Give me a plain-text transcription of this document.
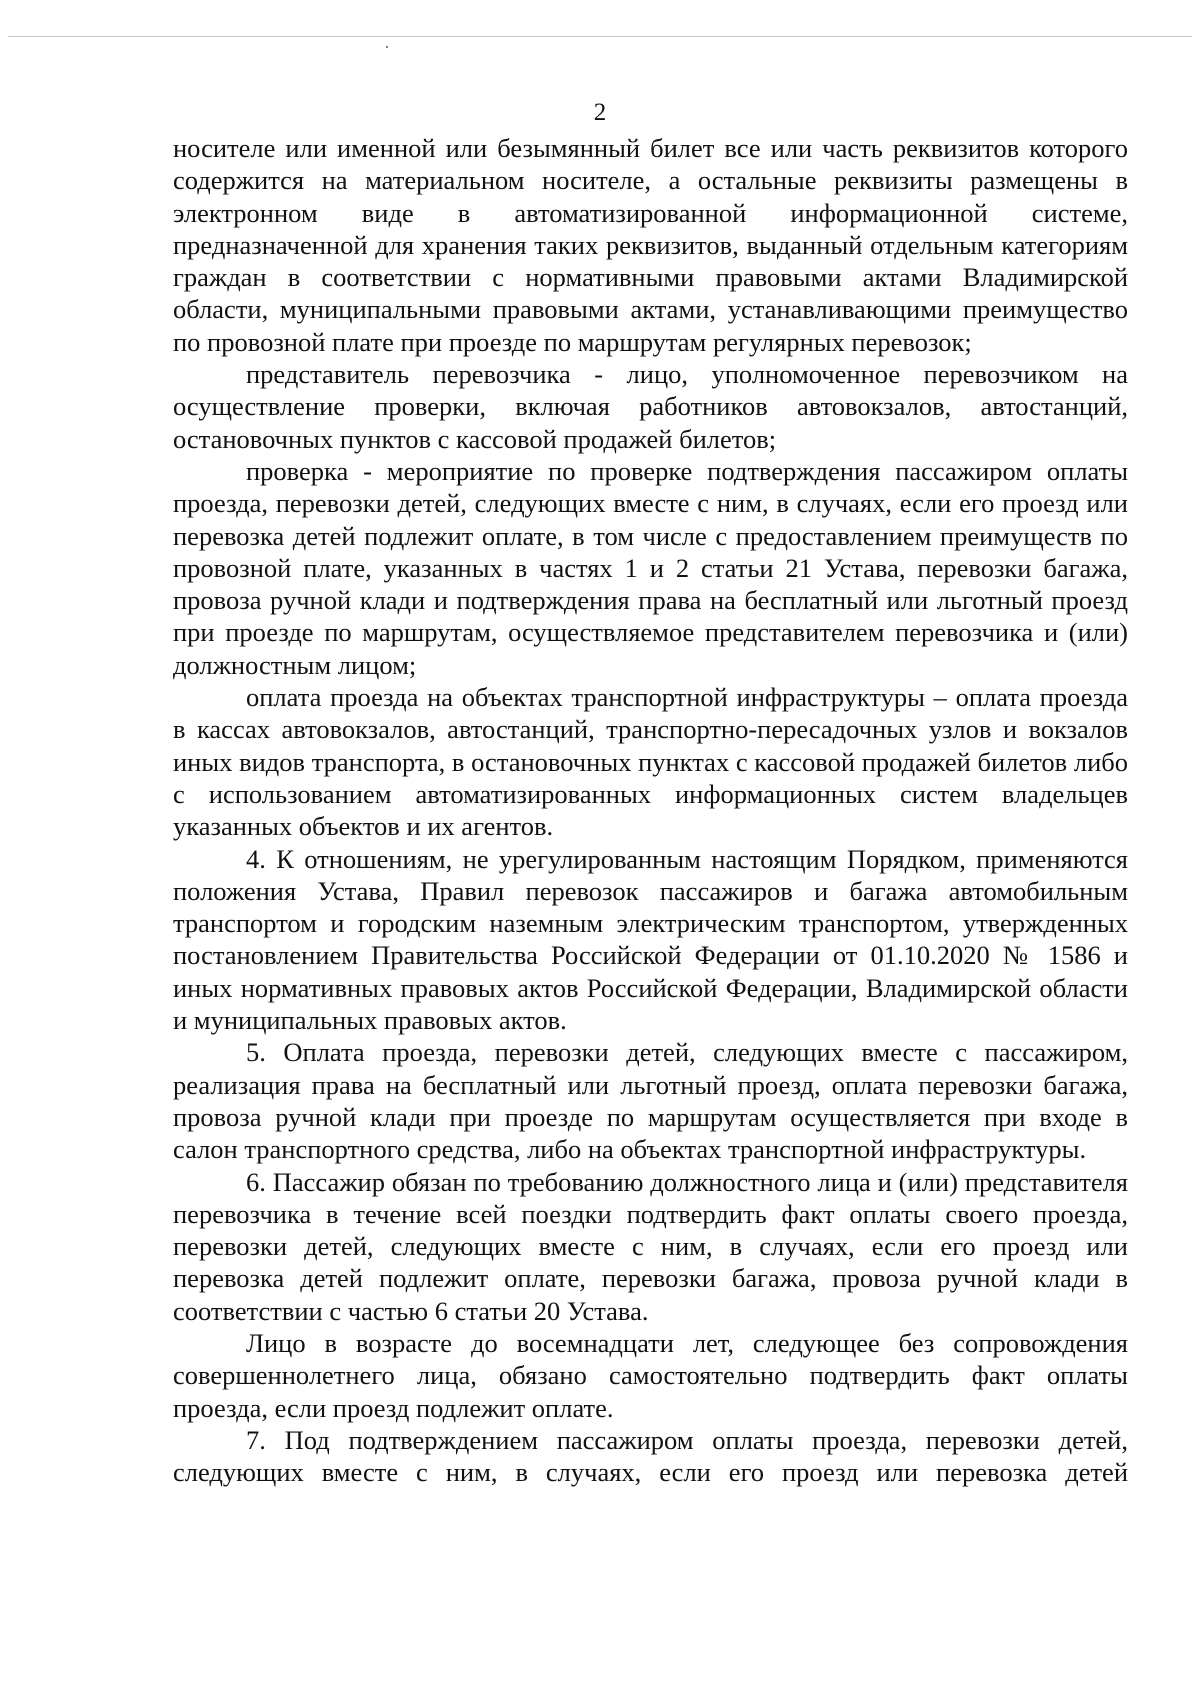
2

носителе или именной или безымянный билет все или часть реквизитов которого содержится на материальном носителе, а остальные реквизиты размещены в электронном виде в автоматизированной информационной системе, предназначенной для хранения таких реквизитов, выданный отдельным категориям граждан в соответствии с нормативными правовыми актами Владимирской области, муниципальными правовыми актами, устанавливающими преимущество по провозной плате при проезде по маршрутам регулярных перевозок;

представитель перевозчика - лицо, уполномоченное перевозчиком на осуществление проверки, включая работников автовокзалов, автостанций, остановочных пунктов с кассовой продажей билетов;

проверка - мероприятие по проверке подтверждения пассажиром оплаты проезда, перевозки детей, следующих вместе с ним, в случаях, если его проезд или перевозка детей подлежит оплате, в том числе с предоставлением преимуществ по провозной плате, указанных в частях 1 и 2 статьи 21 Устава, перевозки багажа, провоза ручной клади и подтверждения права на бесплатный или льготный проезд при проезде по маршрутам, осуществляемое представителем перевозчика и (или) должностным лицом;

оплата проезда на объектах транспортной инфраструктуры – оплата проезда в кассах автовокзалов, автостанций, транспортно-пересадочных узлов и вокзалов иных видов транспорта, в остановочных пунктах с кассовой продажей билетов либо с использованием автоматизированных информационных систем владельцев указанных объектов и их агентов.

4. К отношениям, не урегулированным настоящим Порядком, применяются положения Устава, Правил перевозок пассажиров и багажа автомобильным транспортом и городским наземным электрическим транспортом, утвержденных постановлением Правительства Российской Федерации от 01.10.2020 № 1586 и иных нормативных правовых актов Российской Федерации, Владимирской области и муниципальных правовых актов.

5. Оплата проезда, перевозки детей, следующих вместе с пассажиром, реализация права на бесплатный или льготный проезд, оплата перевозки багажа, провоза ручной клади при проезде по маршрутам осуществляется при входе в салон транспортного средства, либо на объектах транспортной инфраструктуры.

6. Пассажир обязан по требованию должностного лица и (или) представителя перевозчика в течение всей поездки подтвердить факт оплаты своего проезда, перевозки детей, следующих вместе с ним, в случаях, если его проезд или перевозка детей подлежит оплате, перевозки багажа, провоза ручной клади в соответствии с частью 6 статьи 20 Устава.

Лицо в возрасте до восемнадцати лет, следующее без сопровождения совершеннолетнего лица, обязано самостоятельно подтвердить факт оплаты проезда, если проезд подлежит оплате.

7. Под подтверждением пассажиром оплаты проезда, перевозки детей, следующих вместе с ним, в случаях, если его проезд или перевозка детей
